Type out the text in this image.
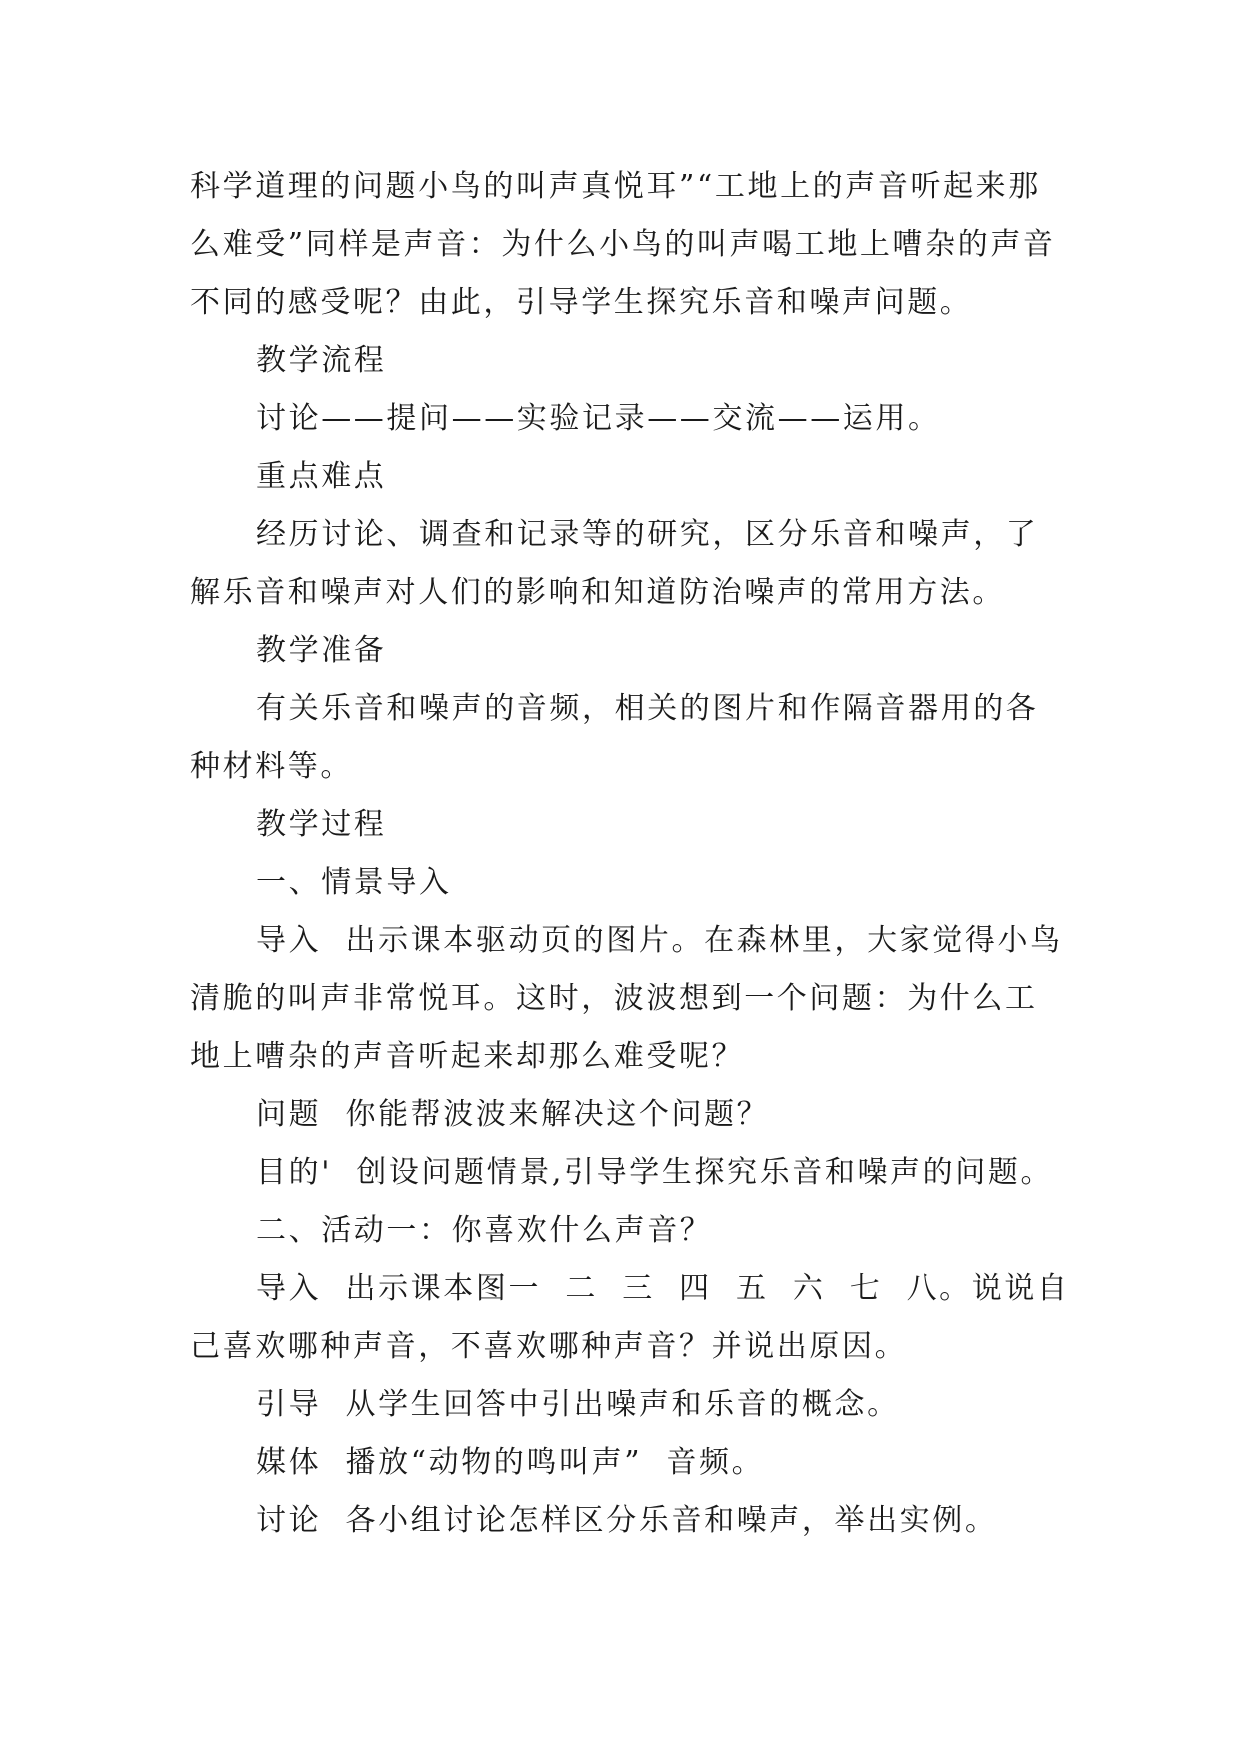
科学道理的问题小鸟的叫声真悦耳”“工地上的声音听起来那么难受”同样是声音：为什么小鸟的叫声喝工地上嘈杂的声音不同的感受呢？由此，引导学生探究乐音和噪声问题。

教学流程

讨论——提问——实验记录——交流——运用。

重点难点

经历讨论、调查和记录等的研究，区分乐音和噪声，了解乐音和噪声对人们的影响和知道防治噪声的常用方法。

教学准备

有关乐音和噪声的音频，相关的图片和作隔音器用的各种材料等。

教学过程

一、情景导入

导入  出示课本驱动页的图片。在森林里，大家觉得小鸟清脆的叫声非常悦耳。这时，波波想到一个问题：为什么工地上嘈杂的声音听起来却那么难受呢？

问题  你能帮波波来解决这个问题？

目的'  创设问题情景,引导学生探究乐音和噪声的问题。

二、活动一：你喜欢什么声音？

导入  出示课本图一  二  三  四  五  六  七  八。说说自己喜欢哪种声音，不喜欢哪种声音？并说出原因。

引导  从学生回答中引出噪声和乐音的概念。

媒体  播放“动物的鸣叫声”  音频。

讨论  各小组讨论怎样区分乐音和噪声，举出实例。
